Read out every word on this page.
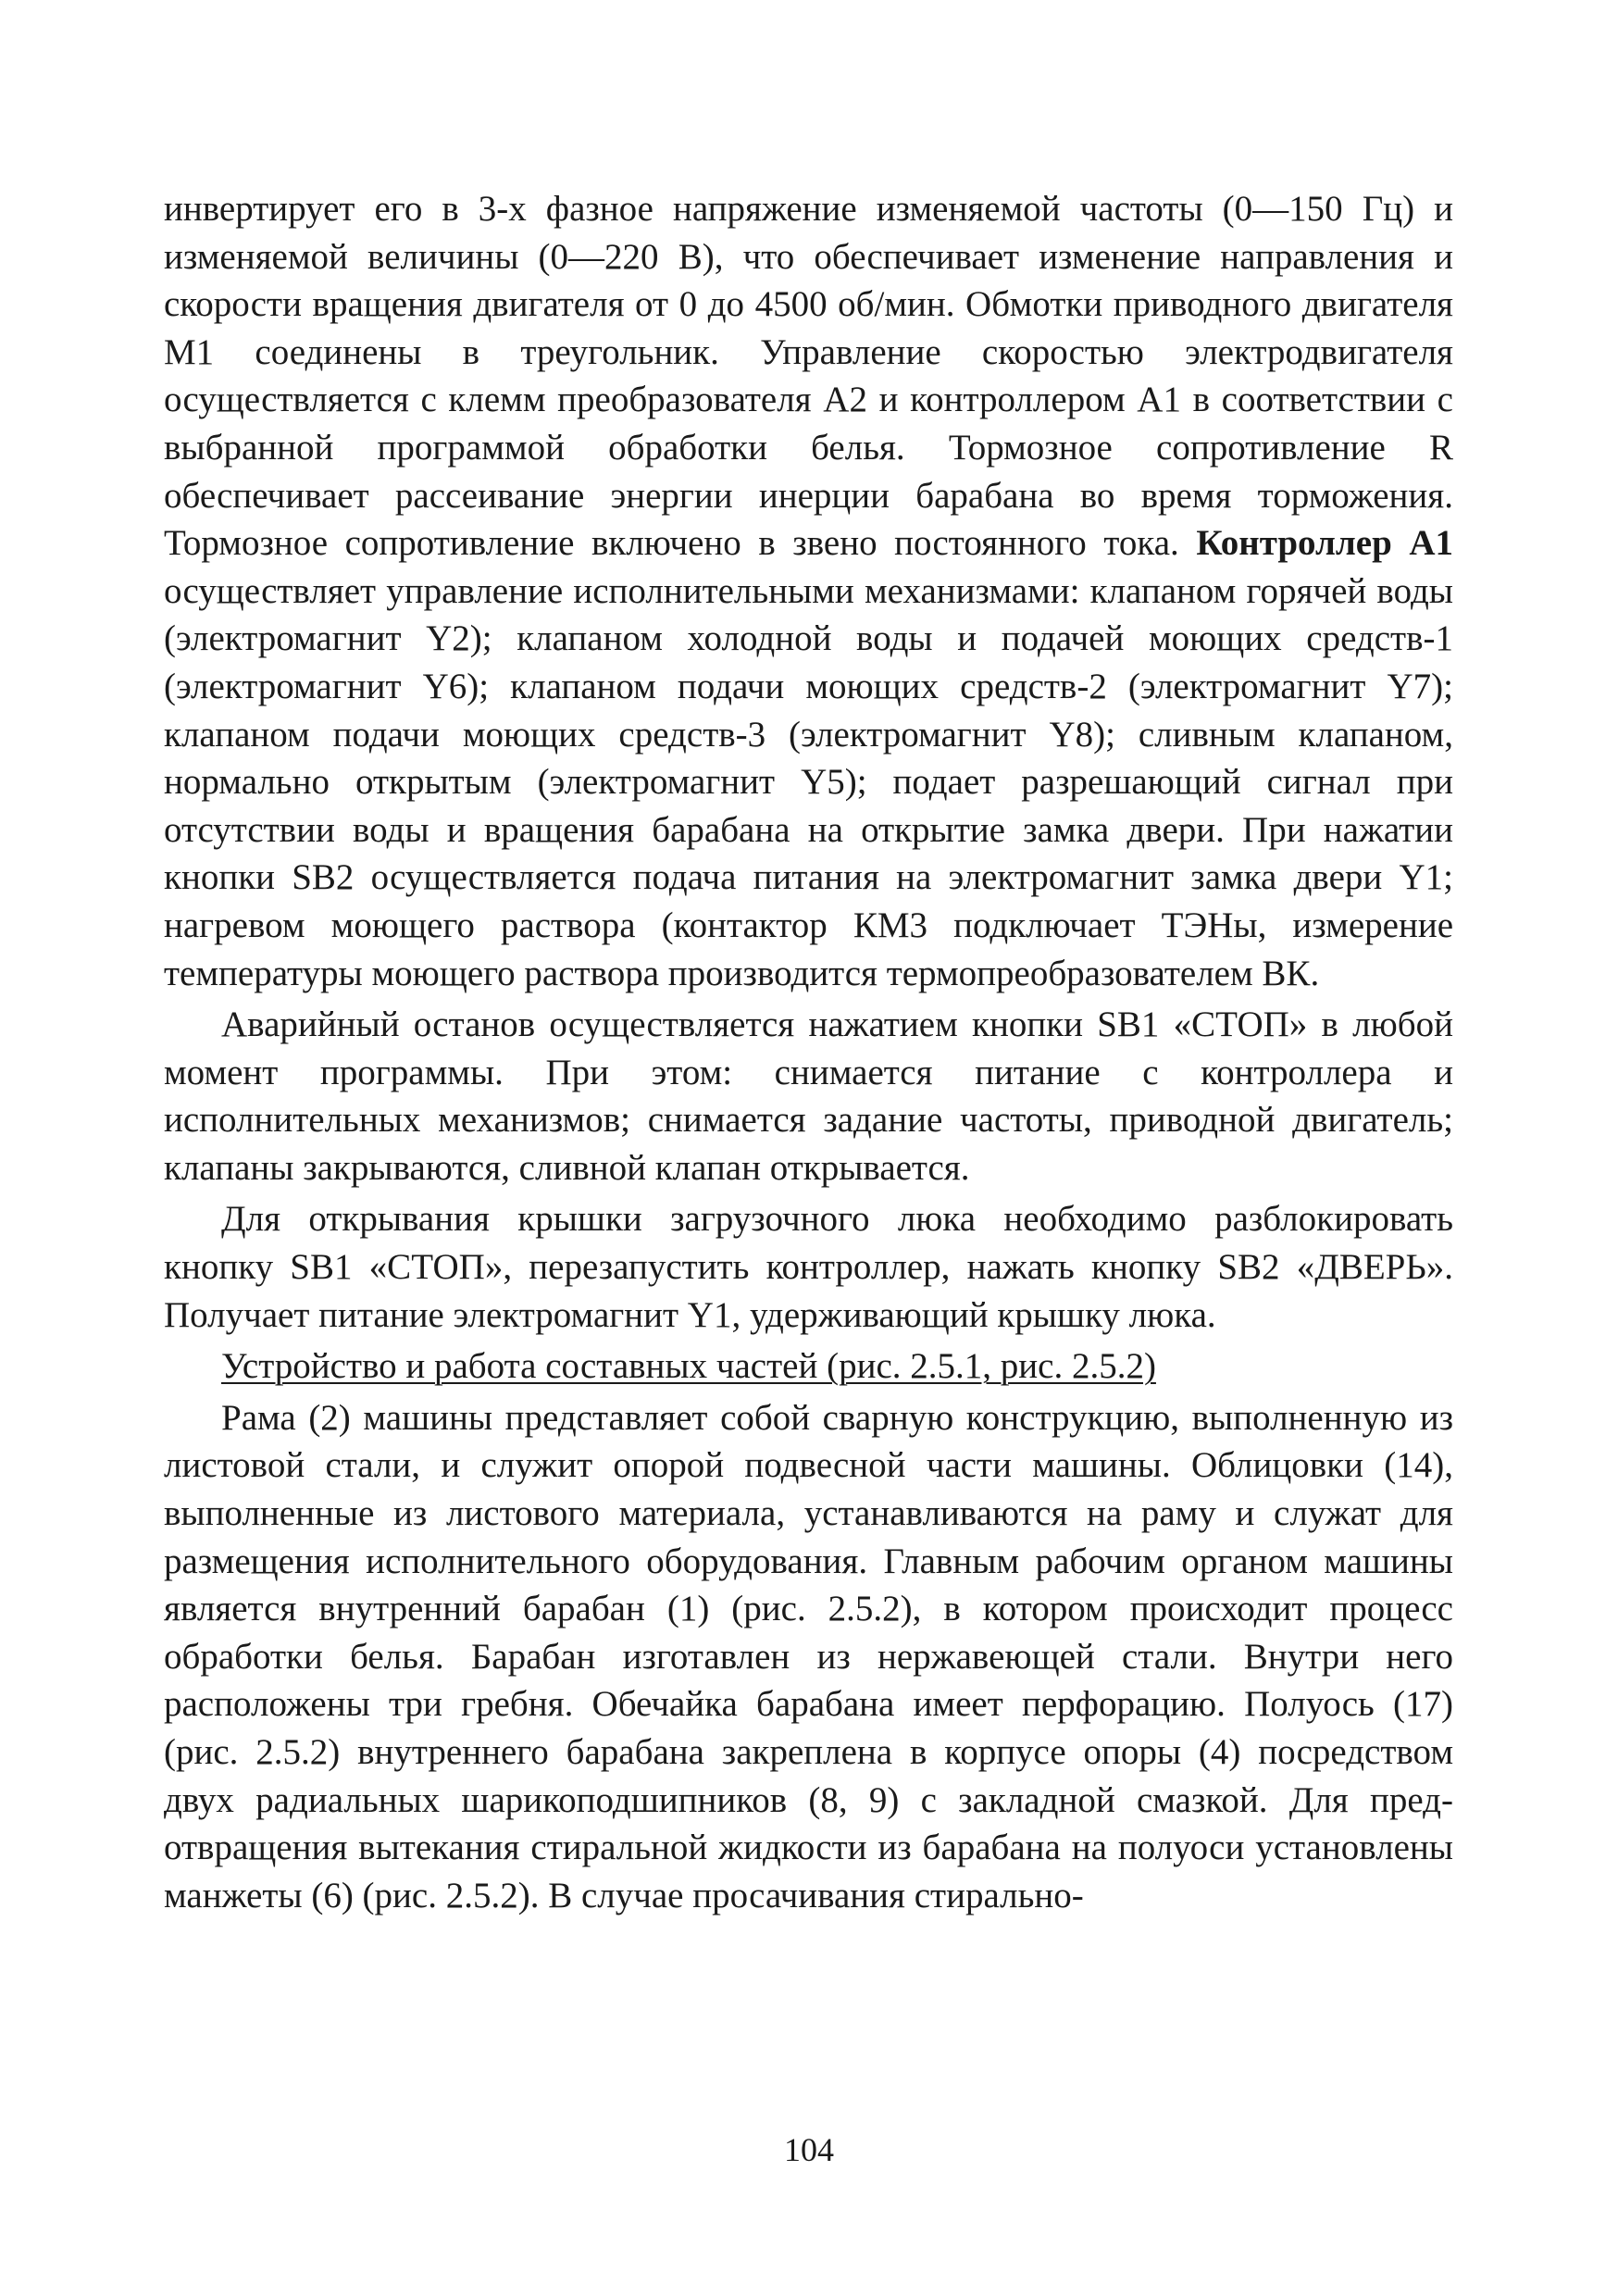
инвертирует его в 3-х фазное напряжение изменяемой частоты (0—150 Гц) и изменяемой величины (0—220 В), что обеспечивает изменение направления и скорости вращения двигателя от 0 до 4500 об/мин. Обмотки приводного двигателя М1 соединены в треугольник. Управление скоростью электродвигателя осуществляется с клемм преобразователя А2 и контроллером А1 в соответствии с выбранной программой обработки белья. Тормозное сопротивление R обеспечивает рассеивание энергии инерции барабана во время торможения. Тормозное сопротивление включено в звено постоянного тока. Контроллер А1 осуществляет управление исполнительными механизмами: клапаном горячей воды (электромагнит Y2); клапаном холодной воды и подачей моющих средств-1 (электромагнит Y6); клапаном подачи моющих средств-2 (электромагнит Y7); клапаном подачи моющих средств-3 (электромагнит Y8); сливным клапаном, нормально открытым (электромагнит Y5); подает разрешающий сигнал при отсутствии воды и вращения барабана на открытие замка двери. При нажатии кнопки SB2 осуществляется подача питания на электромагнит замка двери Y1; нагревом моющего раствора (контактор КМ3 подключает ТЭНы, измерение температуры моющего раствора производится термопреобразователем ВК.

Аварийный останов осуществляется нажатием кнопки SB1 «СТОП» в любой момент программы. При этом: снимается питание с контроллера и исполнительных механизмов; снимается задание частоты, приводной двигатель; клапаны закрываются, сливной клапан открывается.

Для открывания крышки загрузочного люка необходимо разблокировать кнопку SB1 «СТОП», перезапустить контроллер, нажать кнопку SB2 «ДВЕРЬ». Получает питание электромагнит Y1, удерживающий крышку люка.

Устройство и работа составных частей (рис. 2.5.1, рис. 2.5.2)

Рама (2) машины представляет собой сварную конструкцию, выполненную из листовой стали, и служит опорой подвесной части машины. Облицовки (14), выполненные из листового материала, устанавливаются на раму и служат для размещения исполнительного оборудования. Главным рабочим органом машины является внутренний барабан (1) (рис. 2.5.2), в котором происходит процесс обработки белья. Барабан изготавлен из нержавеющей стали. Внутри него расположены три гребня. Обечайка барабана имеет перфорацию. Полуось (17) (рис. 2.5.2) внутреннего барабана закреплена в корпусе опоры (4) посредством двух радиальных шарикоподшипников (8, 9) с закладной смазкой. Для предотвращения вытекания стиральной жидкости из барабана на полуоси установлены манжеты (6) (рис. 2.5.2). В случае просачивания стирально-

104
